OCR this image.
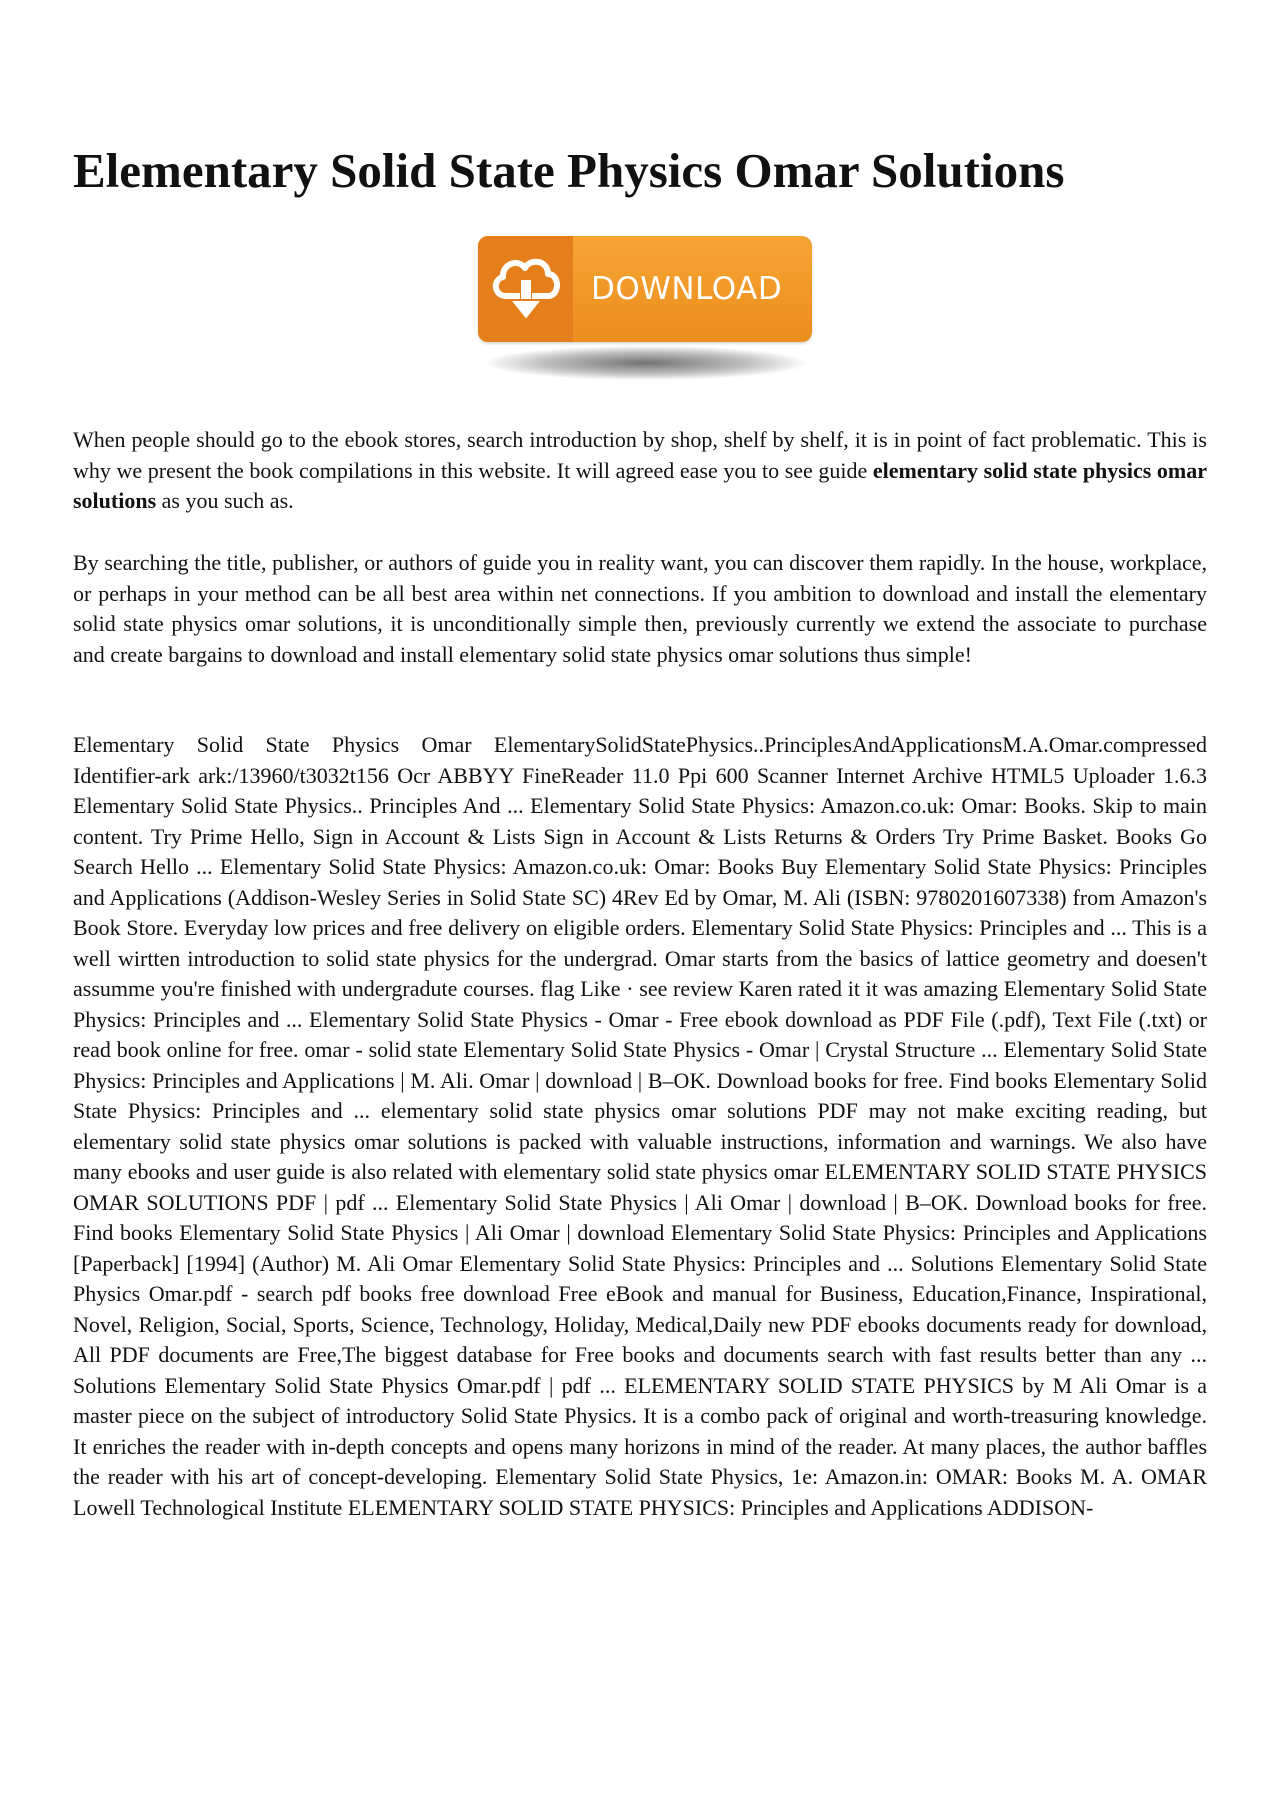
Elementary Solid State Physics Omar Solutions
DOWNLOAD

When people should go to the ebook stores, search introduction by shop, shelf by shelf, it is in point of fact problematic. This is why we present the book compilations in this website. It will agreed ease you to see guide elementary solid state physics omar solutions as you such as.

By searching the title, publisher, or authors of guide you in reality want, you can discover them rapidly. In the house, workplace, or perhaps in your method can be all best area within net connections. If you ambition to download and install the elementary solid state physics omar solutions, it is unconditionally simple then, previously currently we extend the associate to purchase and create bargains to download and install elementary solid state physics omar solutions thus simple!

Elementary Solid State Physics Omar ElementarySolidStatePhysics..PrinciplesAndApplicationsM.A.Omar.compressed Identifier-ark ark:/13960/t3032t156 Ocr ABBYY FineReader 11.0 Ppi 600 Scanner Internet Archive HTML5 Uploader 1.6.3 Elementary Solid State Physics.. Principles And ... Elementary Solid State Physics: Amazon.co.uk: Omar: Books. Skip to main content. Try Prime Hello, Sign in Account & Lists Sign in Account & Lists Returns & Orders Try Prime Basket. Books Go Search Hello ... Elementary Solid State Physics: Amazon.co.uk: Omar: Books Buy Elementary Solid State Physics: Principles and Applications (Addison-Wesley Series in Solid State SC) 4Rev Ed by Omar, M. Ali (ISBN: 9780201607338) from Amazon's Book Store. Everyday low prices and free delivery on eligible orders. Elementary Solid State Physics: Principles and ... This is a well wirtten introduction to solid state physics for the undergrad. Omar starts from the basics of lattice geometry and doesen't assumme you're finished with undergradute courses. flag Like · see review Karen rated it it was amazing Elementary Solid State Physics: Principles and ... Elementary Solid State Physics - Omar - Free ebook download as PDF File (.pdf), Text File (.txt) or read book online for free. omar - solid state Elementary Solid State Physics - Omar | Crystal Structure ... Elementary Solid State Physics: Principles and Applications | M. Ali. Omar | download | B–OK. Download books for free. Find books Elementary Solid State Physics: Principles and ... elementary solid state physics omar solutions PDF may not make exciting reading, but elementary solid state physics omar solutions is packed with valuable instructions, information and warnings. We also have many ebooks and user guide is also related with elementary solid state physics omar ELEMENTARY SOLID STATE PHYSICS OMAR SOLUTIONS PDF | pdf ... Elementary Solid State Physics | Ali Omar | download | B–OK. Download books for free. Find books Elementary Solid State Physics | Ali Omar | download Elementary Solid State Physics: Principles and Applications [Paperback] [1994] (Author) M. Ali Omar Elementary Solid State Physics: Principles and ... Solutions Elementary Solid State Physics Omar.pdf - search pdf books free download Free eBook and manual for Business, Education,Finance, Inspirational, Novel, Religion, Social, Sports, Science, Technology, Holiday, Medical,Daily new PDF ebooks documents ready for download, All PDF documents are Free,The biggest database for Free books and documents search with fast results better than any ... Solutions Elementary Solid State Physics Omar.pdf | pdf ... ELEMENTARY SOLID STATE PHYSICS by M Ali Omar is a master piece on the subject of introductory Solid State Physics. It is a combo pack of original and worth-treasuring knowledge. It enriches the reader with in-depth concepts and opens many horizons in mind of the reader. At many places, the author baffles the reader with his art of concept-developing. Elementary Solid State Physics, 1e: Amazon.in: OMAR: Books M. A. OMAR Lowell Technological Institute ELEMENTARY SOLID STATE PHYSICS: Principles and Applications ADDISON-
